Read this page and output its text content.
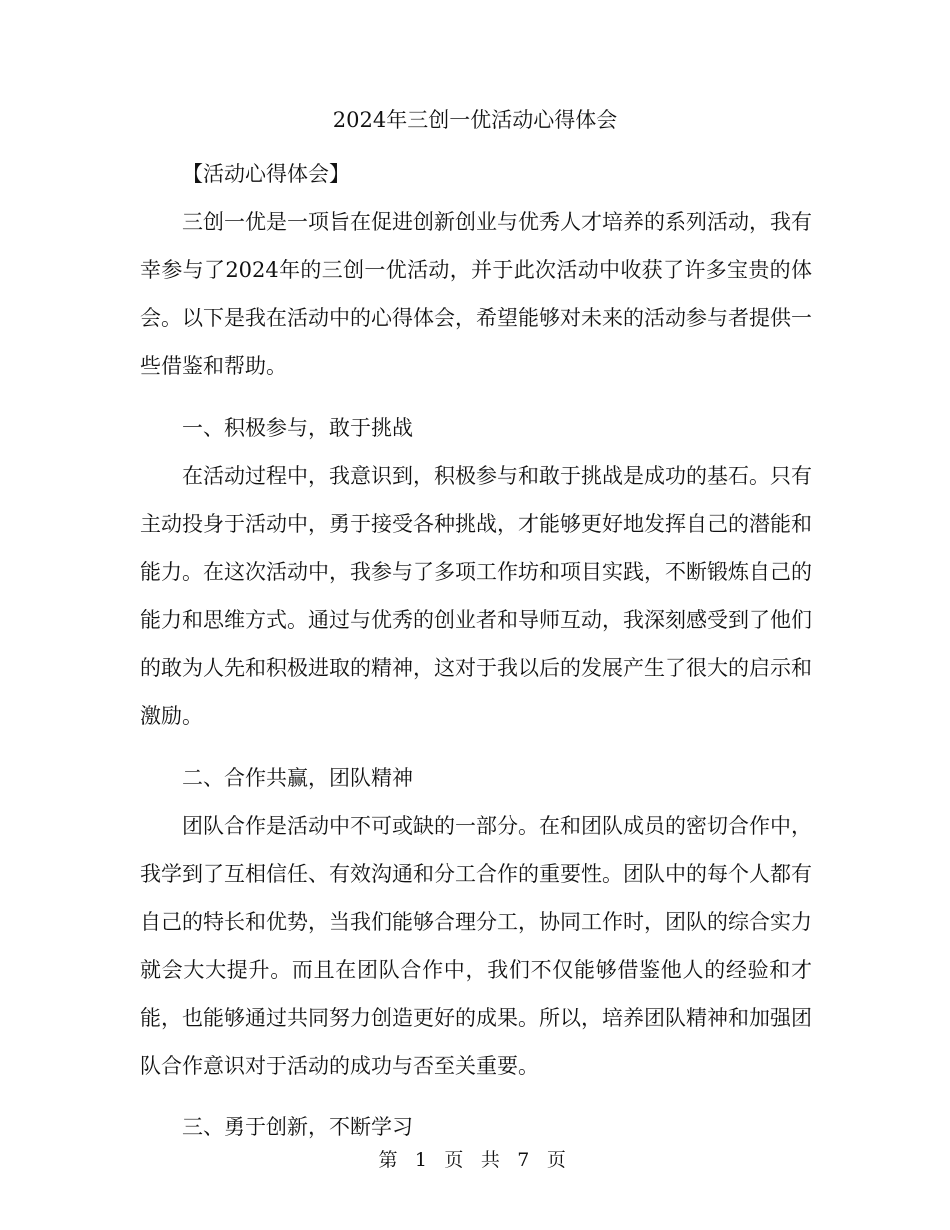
2024年三创一优活动心得体会

【活动心得体会】

三创一优是一项旨在促进创新创业与优秀人才培养的系列活动，我有幸参与了2024年的三创一优活动，并于此次活动中收获了许多宝贵的体会。以下是我在活动中的心得体会，希望能够对未来的活动参与者提供一些借鉴和帮助。

一、积极参与，敢于挑战

在活动过程中，我意识到，积极参与和敢于挑战是成功的基石。只有主动投身于活动中，勇于接受各种挑战，才能够更好地发挥自己的潜能和能力。在这次活动中，我参与了多项工作坊和项目实践，不断锻炼自己的能力和思维方式。通过与优秀的创业者和导师互动，我深刻感受到了他们的敢为人先和积极进取的精神，这对于我以后的发展产生了很大的启示和激励。

二、合作共赢，团队精神

团队合作是活动中不可或缺的一部分。在和团队成员的密切合作中，我学到了互相信任、有效沟通和分工合作的重要性。团队中的每个人都有自己的特长和优势，当我们能够合理分工，协同工作时，团队的综合实力就会大大提升。而且在团队合作中，我们不仅能够借鉴他人的经验和才能，也能够通过共同努力创造更好的成果。所以，培养团队精神和加强团队合作意识对于活动的成功与否至关重要。

三、勇于创新，不断学习

第 1 页 共 7 页
